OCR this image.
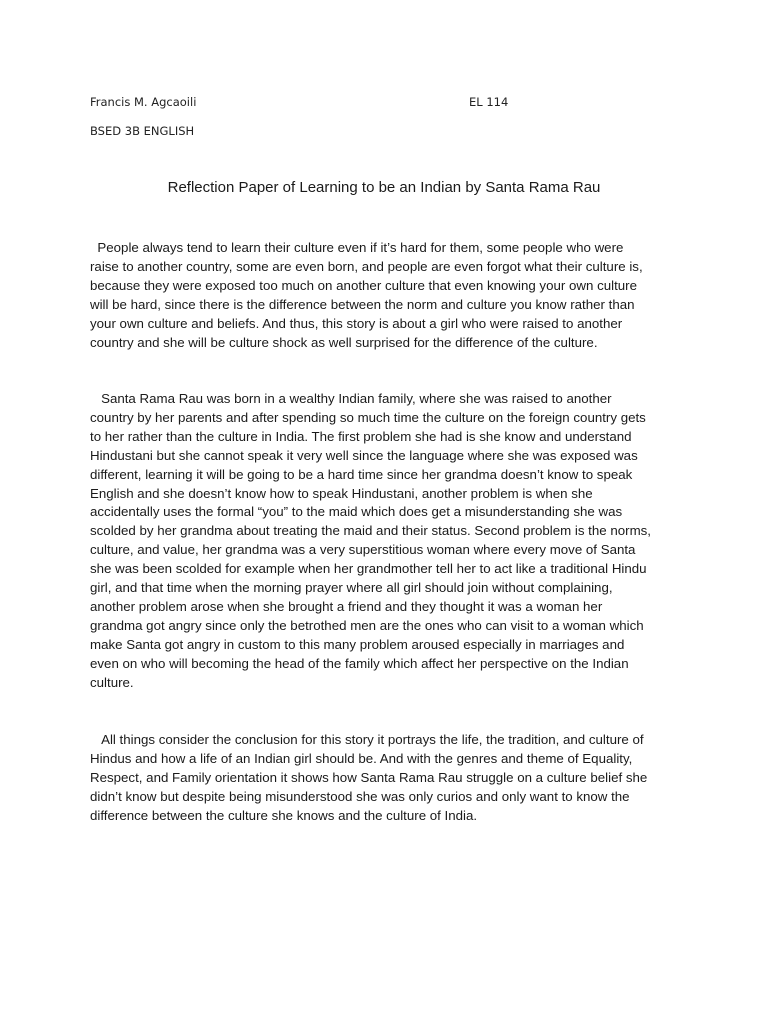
Francis M. Agcaoili	EL 114
BSED 3B ENGLISH
Reflection Paper of Learning to be an Indian by Santa Rama Rau
People always tend to learn their culture even if it’s hard for them, some people who were
raise to another country, some are even born, and people are even forgot what their culture is,
because they were exposed too much on another culture that even knowing your own culture
will be hard, since there is the difference between the norm and culture you know rather than
your own culture and beliefs. And thus, this story is about a girl who were raised to another
country and she will be culture shock as well surprised for the difference of the culture.
Santa Rama Rau was born in a wealthy Indian family, where she was raised to another
country by her parents and after spending so much time the culture on the foreign country gets
to her rather than the culture in India. The first problem she had is she know and understand
Hindustani but she cannot speak it very well since the language where she was exposed was
different, learning it will be going to be a hard time since her grandma doesn’t know to speak
English and she doesn’t know how to speak Hindustani, another problem is when she
accidentally uses the formal “you” to the maid which does get a misunderstanding she was
scolded by her grandma about treating the maid and their status. Second problem is the norms,
culture, and value, her grandma was a very superstitious woman where every move of Santa
she was been scolded for example when her grandmother tell her to act like a traditional Hindu
girl, and that time when the morning prayer where all girl should join without complaining,
another problem arose when she brought a friend and they thought it was a woman her
grandma got angry since only the betrothed men are the ones who can visit to a woman which
make Santa got angry in custom to this many problem aroused especially in marriages and
even on who will becoming the head of the family which affect her perspective on the Indian
culture.
All things consider the conclusion for this story it portrays the life, the tradition, and culture of
Hindus and how a life of an Indian girl should be. And with the genres and theme of Equality,
Respect, and Family orientation it shows how Santa Rama Rau struggle on a culture belief she
didn’t know but despite being misunderstood she was only curios and only want to know the
difference between the culture she knows and the culture of India.
